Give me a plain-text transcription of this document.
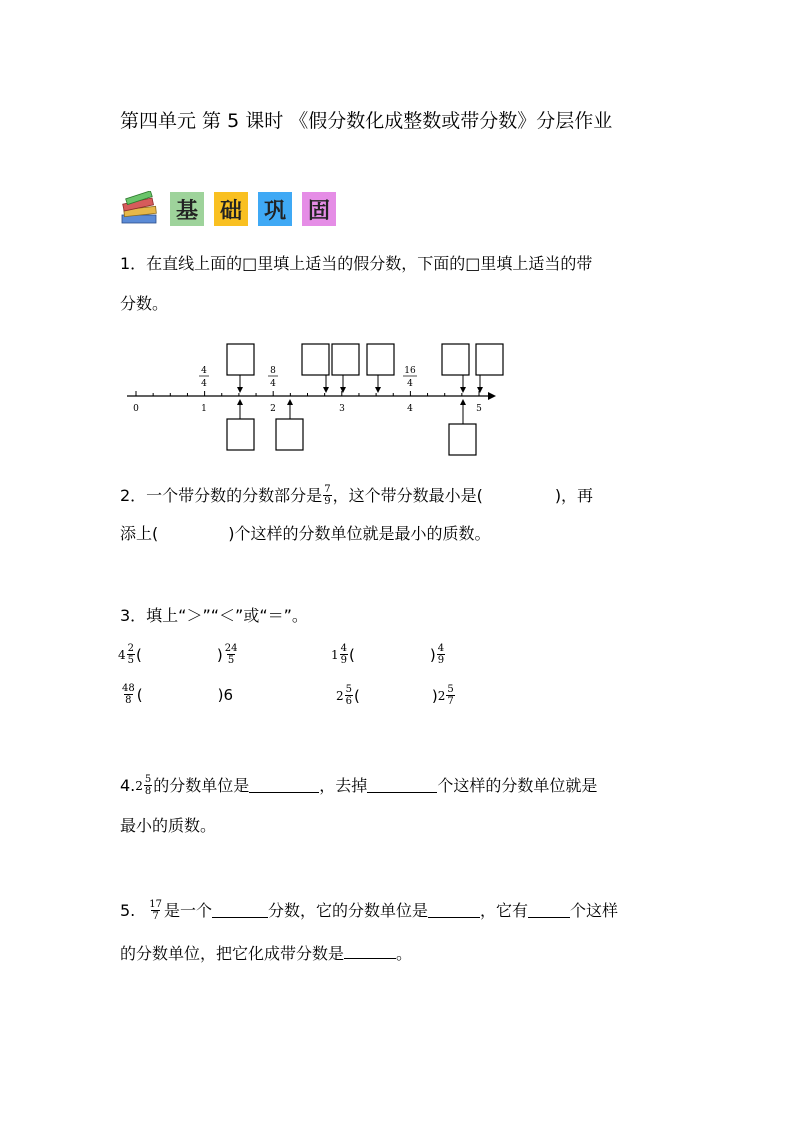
第四单元 第 5 课时 《假分数化成整数或带分数》分层作业
基 础 巩 固
1．在直线上面的□里填上适当的假分数，下面的□里填上适当的带
分数。
0	1	2	3	4	5
4
4
8
4
16
4
2．一个带分数的分数部分是 $\frac{7}{9}$ ，这个带分数最小是(	)，再
添上(	)个这样的分数单位就是最小的质数。
3．填上“＞”“＜”或“＝”。
$4 \frac{2}{5}$ (	) $\frac{24}{5}$	$1 \frac{4}{9}$ (	) $\frac{4}{9}$
$\frac{48}{8}$ (	) 6	$2 \frac{5}{6}$ (	) $2 \frac{5}{7}$
4. $2 \frac{5}{8}$ 的分数单位是	，去掉	个这样的分数单位就是
最小的质数。
5. $\frac{17}{7}$ 是一个	分数，它的分数单位是	，它有	个这样
的分数单位，把它化成带分数是	。
